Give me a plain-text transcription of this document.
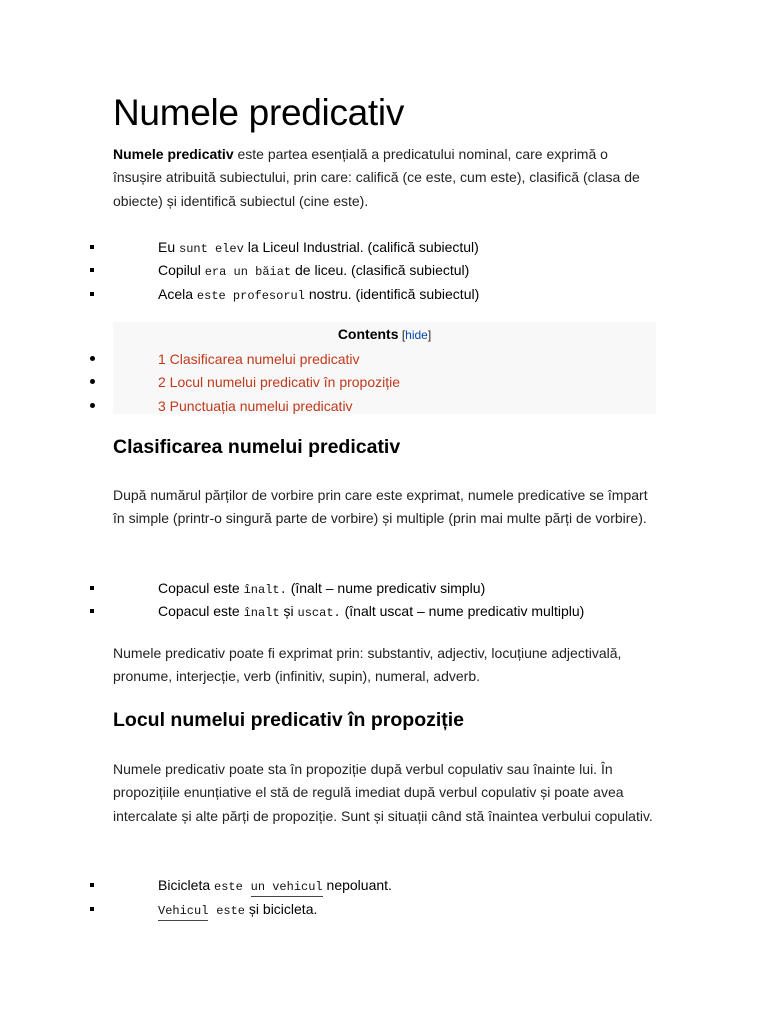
Numele predicativ

Numele predicativ este partea esențială a predicatului nominal, care exprimă o însușire atribuită subiectului, prin care: califică (ce este, cum este), clasifică (clasa de obiecte) și identifică subiectul (cine este).

Eu sunt elev la Liceul Industrial. (califică subiectul)
Copilul era un băiat de liceu. (clasifică subiectul)
Acela este profesorul nostru. (identifică subiectul)
Contents [hide]
1 Clasificarea numelui predicativ
2 Locul numelui predicativ în propoziție
3 Punctuația numelui predicativ
Clasificarea numelui predicativ

După numărul părților de vorbire prin care este exprimat, numele predicative se împart în simple (printr-o singură parte de vorbire) și multiple (prin mai multe părți de vorbire).

Copacul este înalt. (înalt – nume predicativ simplu)
Copacul este înalt și uscat. (înalt uscat – nume predicativ multiplu)

Numele predicativ poate fi exprimat prin: substantiv, adjectiv, locuțiune adjectivală, pronume, interjecție, verb (infinitiv, supin), numeral, adverb.

Locul numelui predicativ în propoziție

Numele predicativ poate sta în propoziție după verbul copulativ sau înainte lui. În propozițiile enunțiative el stă de regulă imediat după verbul copulativ și poate avea intercalate și alte părți de propoziție. Sunt și situații când stă înaintea verbului copulativ.

Bicicleta este un vehicul nepoluant.
Vehicul este și bicicleta.
